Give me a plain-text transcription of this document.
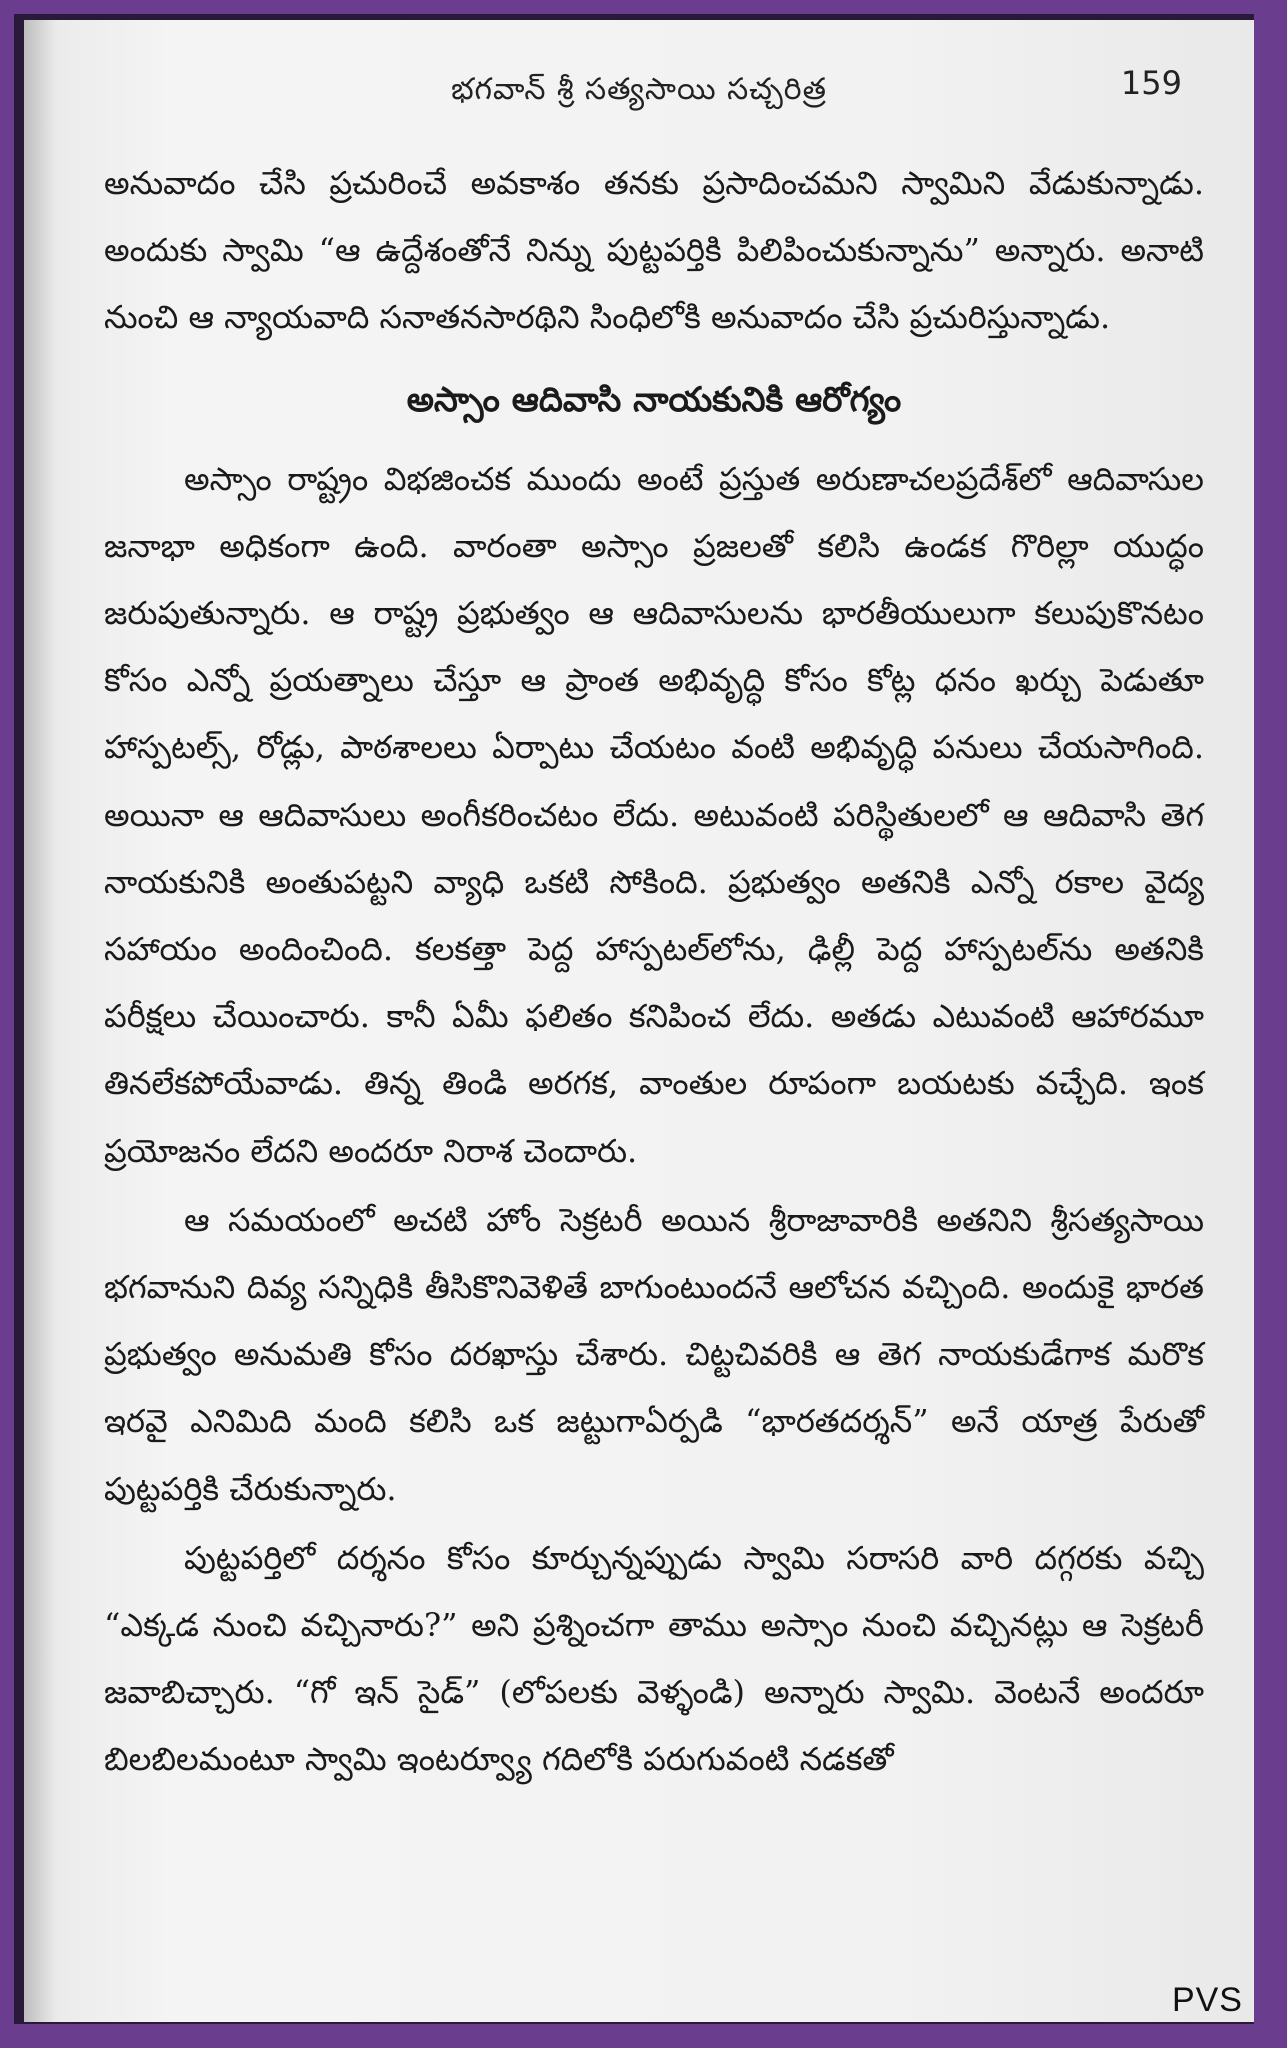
భగవాన్ శ్రీ సత్యసాయి సచ్చరిత్ర	159

అనువాదం చేసి ప్రచురించే అవకాశం తనకు ప్రసాదించమని స్వామిని వేడుకున్నాడు. అందుకు స్వామి “ఆ ఉద్దేశంతోనే నిన్ను పుట్టపర్తికి పిలిపించుకున్నాను” అన్నారు. అనాటి నుంచి ఆ న్యాయవాది సనాతనసారథిని సింధిలోకి అనువాదం చేసి ప్రచురిస్తున్నాడు.

అస్సాం ఆదివాసి నాయకునికి ఆరోగ్యం

అస్సాం రాష్ట్రం విభజించక ముందు అంటే ప్రస్తుత అరుణాచలప్రదేశ్‌లో ఆదివాసుల జనాభా అధికంగా ఉంది. వారంతా అస్సాం ప్రజలతో కలిసి ఉండక గొరిల్లా యుద్ధం జరుపుతున్నారు. ఆ రాష్ట్ర ప్రభుత్వం ఆ ఆదివాసులను భారతీయులుగా కలుపుకొనటం కోసం ఎన్నో ప్రయత్నాలు చేస్తూ ఆ ప్రాంత అభివృద్ధి కోసం కోట్ల ధనం ఖర్చు పెడుతూ హాస్పటల్స్, రోడ్లు, పాఠశాలలు ఏర్పాటు చేయటం వంటి అభివృద్ధి పనులు చేయసాగింది. అయినా ఆ ఆదివాసులు అంగీకరించటం లేదు. అటువంటి పరిస్థితులలో ఆ ఆదివాసి తెగ నాయకునికి అంతుపట్టని వ్యాధి ఒకటి సోకింది. ప్రభుత్వం అతనికి ఎన్నో రకాల వైద్య సహాయం అందించింది. కలకత్తా పెద్ద హాస్పటల్‌లోను, ఢిల్లీ పెద్ద హాస్పటల్‌ను అతనికి పరీక్షలు చేయించారు. కానీ ఏమీ ఫలితం కనిపించ లేదు. అతడు ఎటువంటి ఆహారమూ తినలేకపోయేవాడు. తిన్న తిండి అరగక, వాంతుల రూపంగా బయటకు వచ్చేది. ఇంక ప్రయోజనం లేదని అందరూ నిరాశ చెందారు.

ఆ సమయంలో అచటి హోం సెక్రటరీ అయిన శ్రీరాజావారికి అతనిని శ్రీసత్యసాయి భగవానుని దివ్య సన్నిధికి తీసికొనివెళితే బాగుంటుందనే ఆలోచన వచ్చింది. అందుకై భారత ప్రభుత్వం అనుమతి కోసం దరఖాస్తు చేశారు. చిట్టచివరికి ఆ తెగ నాయకుడేగాక మరొక ఇరవై ఎనిమిది మంది కలిసి ఒక జట్టుగాఏర్పడి “భారతదర్శన్” అనే యాత్ర పేరుతో పుట్టపర్తికి చేరుకున్నారు.

పుట్టపర్తిలో దర్శనం కోసం కూర్చున్నప్పుడు స్వామి సరాసరి వారి దగ్గరకు వచ్చి “ఎక్కడ నుంచి వచ్చినారు?” అని ప్రశ్నించగా తాము అస్సాం నుంచి వచ్చినట్లు ఆ సెక్రటరీ జవాబిచ్చారు. “గో ఇన్ సైడ్” (లోపలకు వెళ్ళండి) అన్నారు స్వామి. వెంటనే అందరూ బిలబిలమంటూ స్వామి ఇంటర్వ్యూ గదిలోకి పరుగువంటి నడకతో

PVS
